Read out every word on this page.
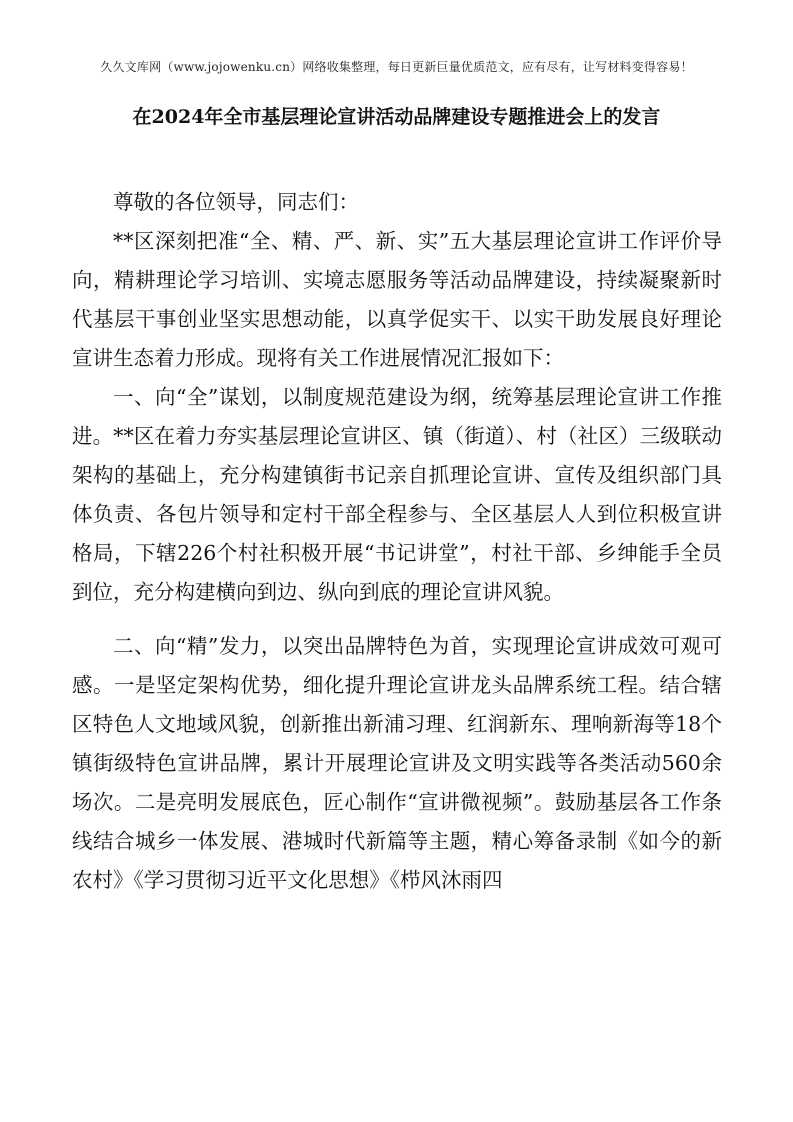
久久文库网（www.jojowenku.cn）网络收集整理，每日更新巨量优质范文，应有尽有，让写材料变得容易！
在2024年全市基层理论宣讲活动品牌建设专题推进会上的发言

尊敬的各位领导，同志们：

**区深刻把准“全、精、严、新、实”五大基层理论宣讲工作评价导向，精耕理论学习培训、实境志愿服务等活动品牌建设，持续凝聚新时代基层干事创业坚实思想动能，以真学促实干、以实干助发展良好理论宣讲生态着力形成。现将有关工作进展情况汇报如下：

一、向“全”谋划，以制度规范建设为纲，统筹基层理论宣讲工作推进。**区在着力夯实基层理论宣讲区、镇（街道）、村（社区）三级联动架构的基础上，充分构建镇街书记亲自抓理论宣讲、宣传及组织部门具体负责、各包片领导和定村干部全程参与、全区基层人人到位积极宣讲格局，下辖226个村社积极开展“书记讲堂”，村社干部、乡绅能手全员到位，充分构建横向到边、纵向到底的理论宣讲风貌。

二、向“精”发力，以突出品牌特色为首，实现理论宣讲成效可观可感。一是坚定架构优势，细化提升理论宣讲龙头品牌系统工程。结合辖区特色人文地域风貌，创新推出新浦习理、红润新东、理响新海等18个镇街级特色宣讲品牌，累计开展理论宣讲及文明实践等各类活动560余场次。二是亮明发展底色，匠心制作“宣讲微视频”。鼓励基层各工作条线结合城乡一体发展、港城时代新篇等主题，精心筹备录制《如今的新农村》《学习贯彻习近平文化思想》《栉风沐雨四
